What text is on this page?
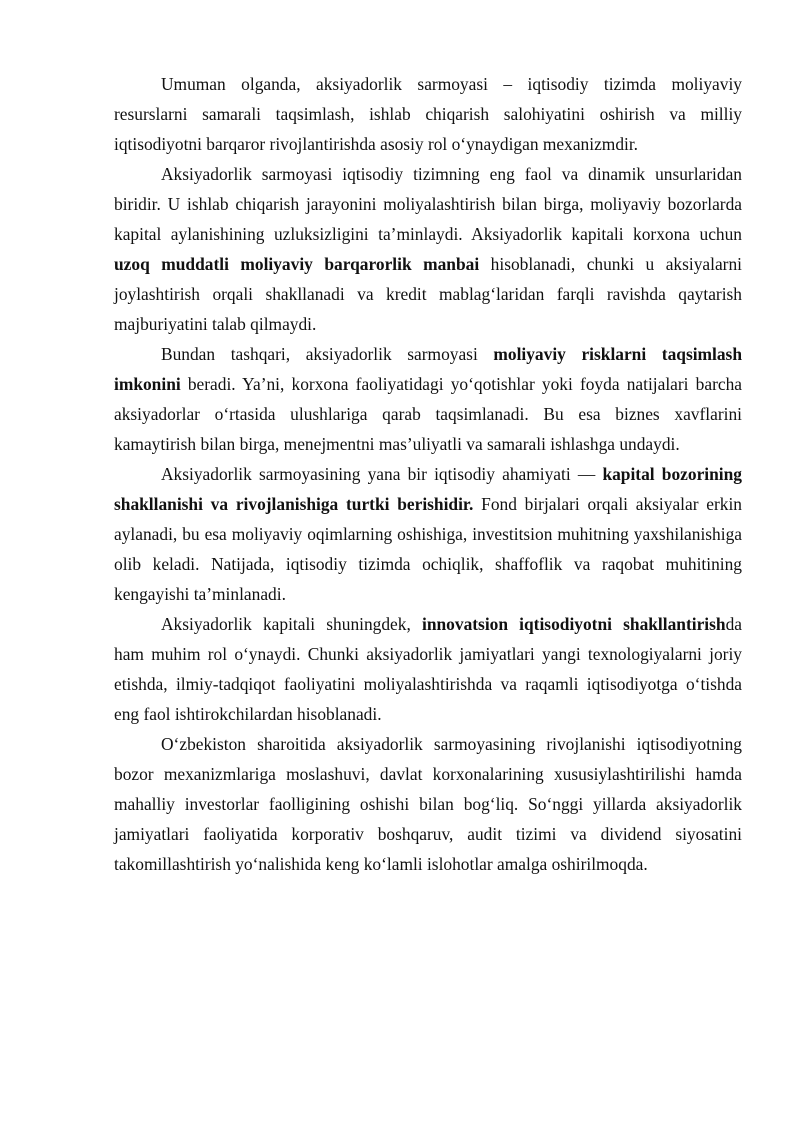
Umuman olganda, aksiyadorlik sarmoyasi – iqtisodiy tizimda moliyaviy resurslarni samarali taqsimlash, ishlab chiqarish salohiyatini oshirish va milliy iqtisodiyotni barqaror rivojlantirishda asosiy rol o‘ynaydigan mexanizmdir.

Aksiyadorlik sarmoyasi iqtisodiy tizimning eng faol va dinamik unsurlaridan biridir. U ishlab chiqarish jarayonini moliyalashtirish bilan birga, moliyaviy bozorlarda kapital aylanishining uzluksizligini ta’minlaydi. Aksiyadorlik kapitali korxona uchun uzoq muddatli moliyaviy barqarorlik manbai hisoblanadi, chunki u aksiyalarni joylashtirish orqali shakllanadi va kredit mablag‘laridan farqli ravishda qaytarish majburiyatini talab qilmaydi.

Bundan tashqari, aksiyadorlik sarmoyasi moliyaviy risklarni taqsimlash imkonini beradi. Ya’ni, korxona faoliyatidagi yo‘qotishlar yoki foyda natijalari barcha aksiyadorlar o‘rtasida ulushlariga qarab taqsimlanadi. Bu esa biznes xavflarini kamaytirish bilan birga, menejmentni mas’uliyatli va samarali ishlashga undaydi.

Aksiyadorlik sarmoyasining yana bir iqtisodiy ahamiyati — kapital bozorining shakllanishi va rivojlanishiga turtki berishidir. Fond birjalari orqali aksiyalar erkin aylanadi, bu esa moliyaviy oqimlarning oshishiga, investitsion muhitning yaxshilanishiga olib keladi. Natijada, iqtisodiy tizimda ochiqlik, shaffoflik va raqobat muhitining kengayishi ta’minlanadi.

Aksiyadorlik kapitali shuningdek, innovatsion iqtisodiyotni shakllantirishda ham muhim rol o‘ynaydi. Chunki aksiyadorlik jamiyatlari yangi texnologiyalarni joriy etishda, ilmiy-tadqiqot faoliyatini moliyalashtirishda va raqamli iqtisodiyotga o‘tishda eng faol ishtirokchilardan hisoblanadi.

O‘zbekiston sharoitida aksiyadorlik sarmoyasining rivojlanishi iqtisodiyotning bozor mexanizmlariga moslashuvi, davlat korxonalarining xususiylashtirilishi hamda mahalliy investorlar faolligining oshishi bilan bog‘liq. So‘nggi yillarda aksiyadorlik jamiyatlari faoliyatida korporativ boshqaruv, audit tizimi va dividend siyosatini takomillashtirish yo‘nalishida keng ko‘lamli islohotlar amalga oshirilmoqda.
